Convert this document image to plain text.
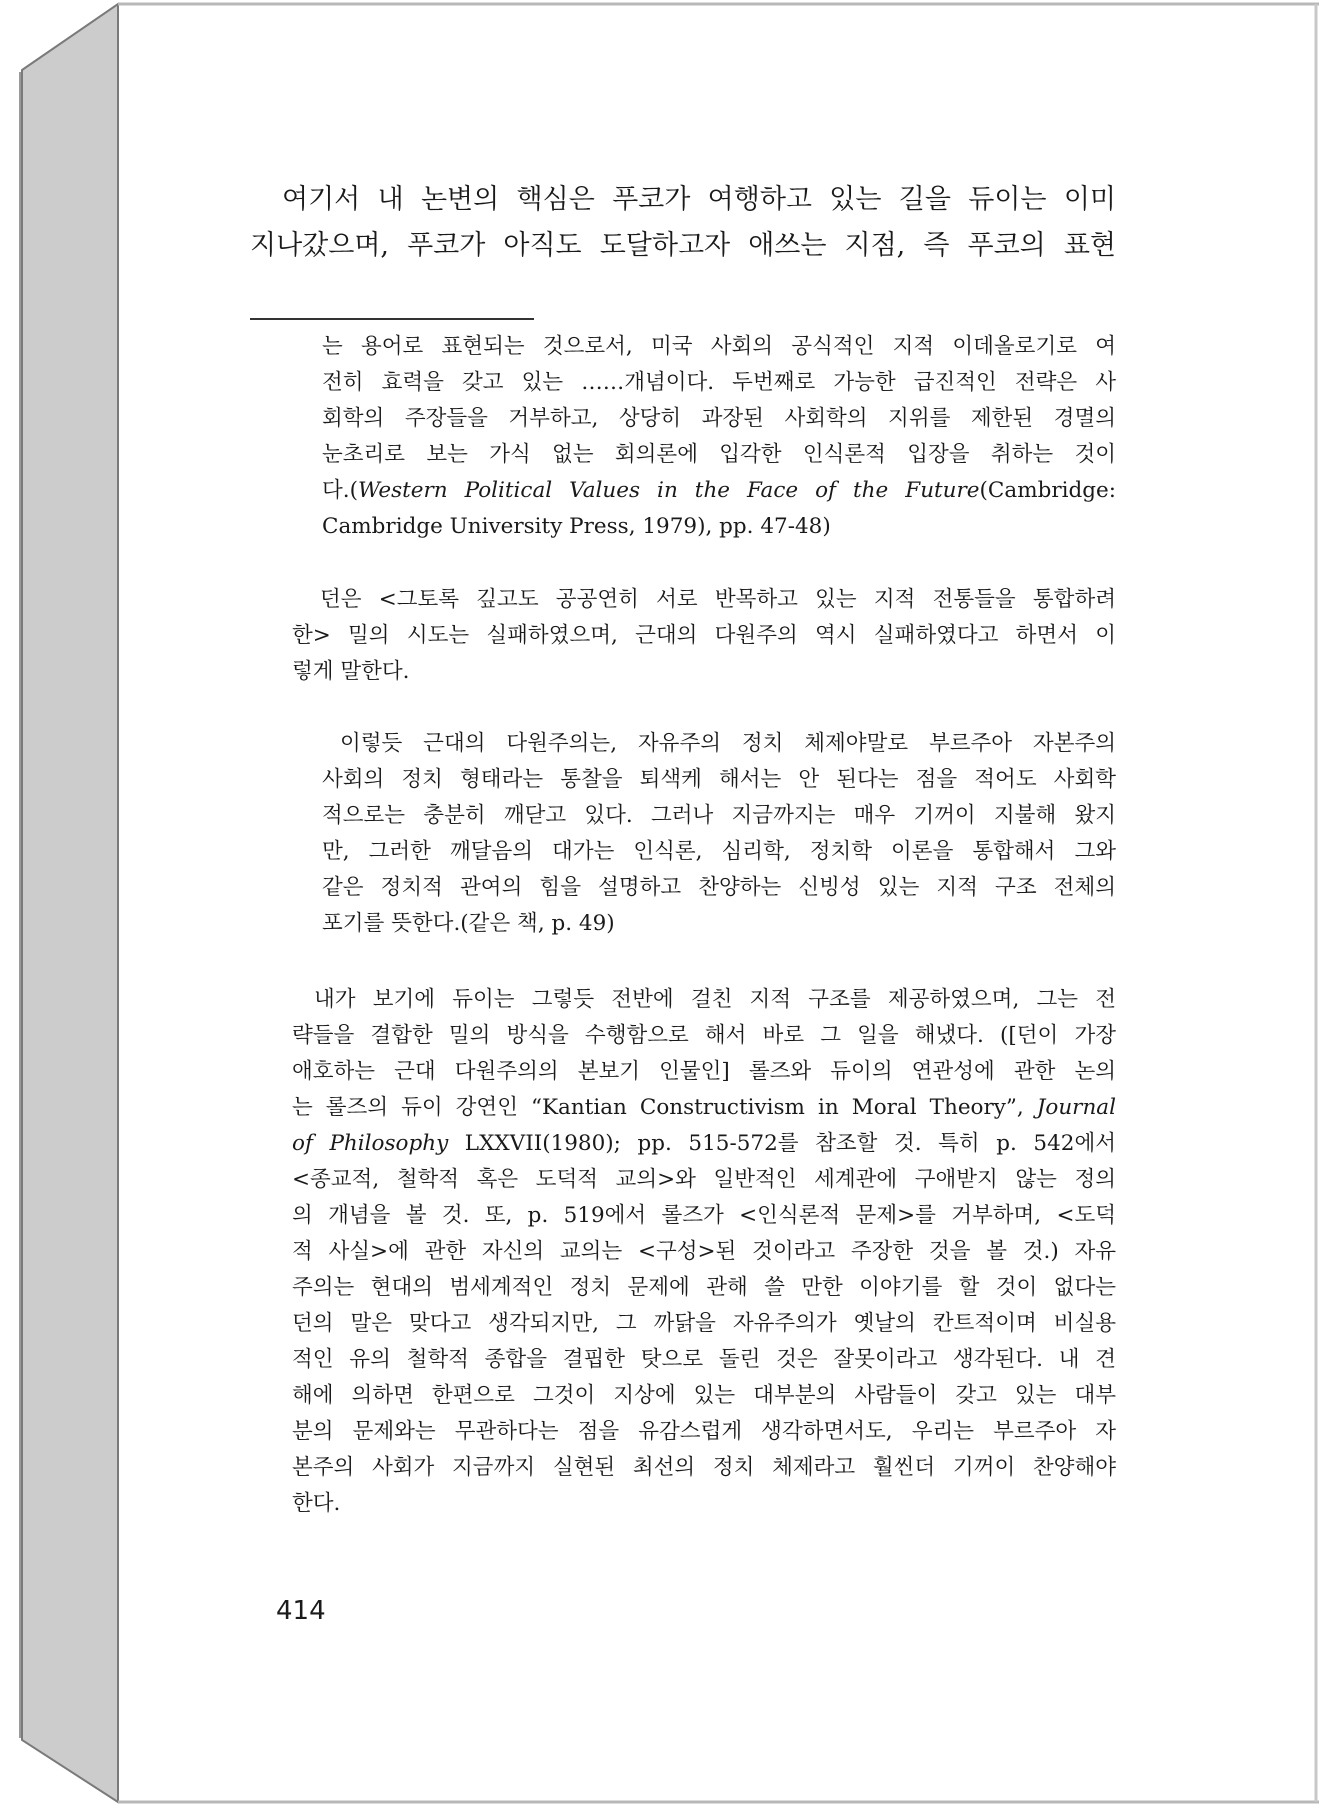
여기서 내 논변의 핵심은 푸코가 여행하고 있는 길을 듀이는 이미
지나갔으며, 푸코가 아직도 도달하고자 애쓰는 지점, 즉 푸코의 표현
는 용어로 표현되는 것으로서, 미국 사회의 공식적인 지적 이데올로기로 여
전히 효력을 갖고 있는 ……개념이다. 두번째로 가능한 급진적인 전략은 사
회학의 주장들을 거부하고, 상당히 과장된 사회학의 지위를 제한된 경멸의
눈초리로 보는 가식 없는 회의론에 입각한 인식론적 입장을 취하는 것이
다.(Western Political Values in the Face of the Future(Cambridge:
Cambridge University Press, 1979), pp. 47-48)
던은 <그토록 깊고도 공공연히 서로 반목하고 있는 지적 전통들을 통합하려
한> 밀의 시도는 실패하였으며, 근대의 다원주의 역시 실패하였다고 하면서 이
렇게 말한다.
이렇듯 근대의 다원주의는, 자유주의 정치 체제야말로 부르주아 자본주의
사회의 정치 형태라는 통찰을 퇴색케 해서는 안 된다는 점을 적어도 사회학
적으로는 충분히 깨닫고 있다. 그러나 지금까지는 매우 기꺼이 지불해 왔지
만, 그러한 깨달음의 대가는 인식론, 심리학, 정치학 이론을 통합해서 그와
같은 정치적 관여의 힘을 설명하고 찬양하는 신빙성 있는 지적 구조 전체의
포기를 뜻한다.(같은 책, p. 49)
내가 보기에 듀이는 그렇듯 전반에 걸친 지적 구조를 제공하였으며, 그는 전
략들을 결합한 밀의 방식을 수행함으로 해서 바로 그 일을 해냈다. ([던이 가장
애호하는 근대 다원주의의 본보기 인물인] 롤즈와 듀이의 연관성에 관한 논의
는 롤즈의 듀이 강연인 “Kantian Constructivism in Moral Theory”, Journal
of Philosophy LXXVII(1980); pp. 515-572를 참조할 것. 특히 p. 542에서
<종교적, 철학적 혹은 도덕적 교의>와 일반적인 세계관에 구애받지 않는 정의
의 개념을 볼 것. 또, p. 519에서 롤즈가 <인식론적 문제>를 거부하며, <도덕
적 사실>에 관한 자신의 교의는 <구성>된 것이라고 주장한 것을 볼 것.) 자유
주의는 현대의 범세계적인 정치 문제에 관해 쓸 만한 이야기를 할 것이 없다는
던의 말은 맞다고 생각되지만, 그 까닭을 자유주의가 옛날의 칸트적이며 비실용
적인 유의 철학적 종합을 결핍한 탓으로 돌린 것은 잘못이라고 생각된다. 내 견
해에 의하면 한편으로 그것이 지상에 있는 대부분의 사람들이 갖고 있는 대부
분의 문제와는 무관하다는 점을 유감스럽게 생각하면서도, 우리는 부르주아 자
본주의 사회가 지금까지 실현된 최선의 정치 체제라고 훨씬더 기꺼이 찬양해야
한다.
414
